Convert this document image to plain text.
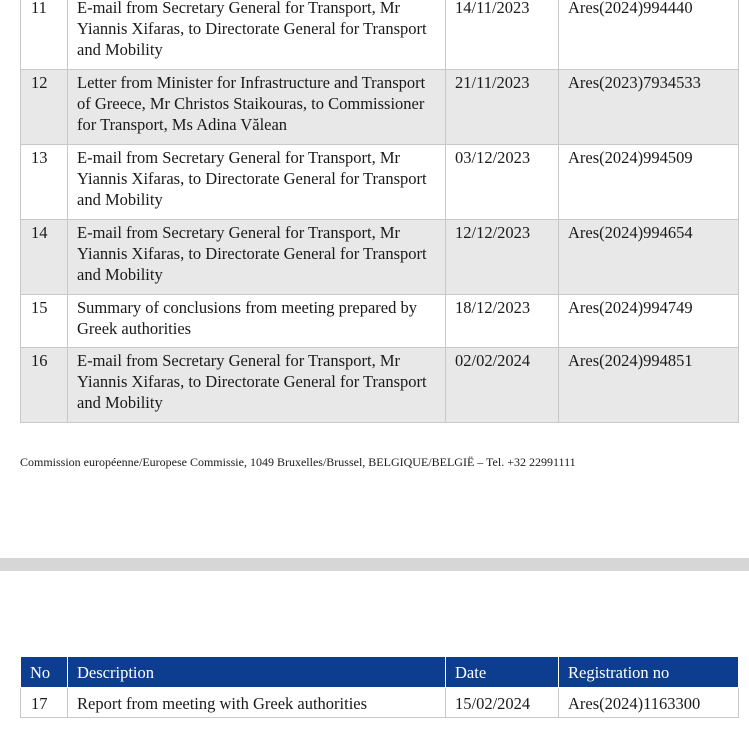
11	E-mail from Secretary General for Transport, Mr Yiannis Xifaras, to Directorate General for Transport and Mobility	14/11/2023	Ares(2024)994440
12	Letter from Minister for Infrastructure and Transport of Greece, Mr Christos Staikouras, to Commissioner for Transport, Ms Adina Vălean	21/11/2023	Ares(2023)7934533
13	E-mail from Secretary General for Transport, Mr Yiannis Xifaras, to Directorate General for Transport and Mobility	03/12/2023	Ares(2024)994509
14	E-mail from Secretary General for Transport, Mr Yiannis Xifaras, to Directorate General for Transport and Mobility	12/12/2023	Ares(2024)994654
15	Summary of conclusions from meeting prepared by Greek authorities	18/12/2023	Ares(2024)994749
16	E-mail from Secretary General for Transport, Mr Yiannis Xifaras, to Directorate General for Transport and Mobility	02/02/2024	Ares(2024)994851
Commission européenne/Europese Commissie, 1049 Bruxelles/Brussel, BELGIQUE/BELGIË – Tel. +32 22991111
No	Description	Date	Registration no
17	Report from meeting with Greek authorities	15/02/2024	Ares(2024)1163300
